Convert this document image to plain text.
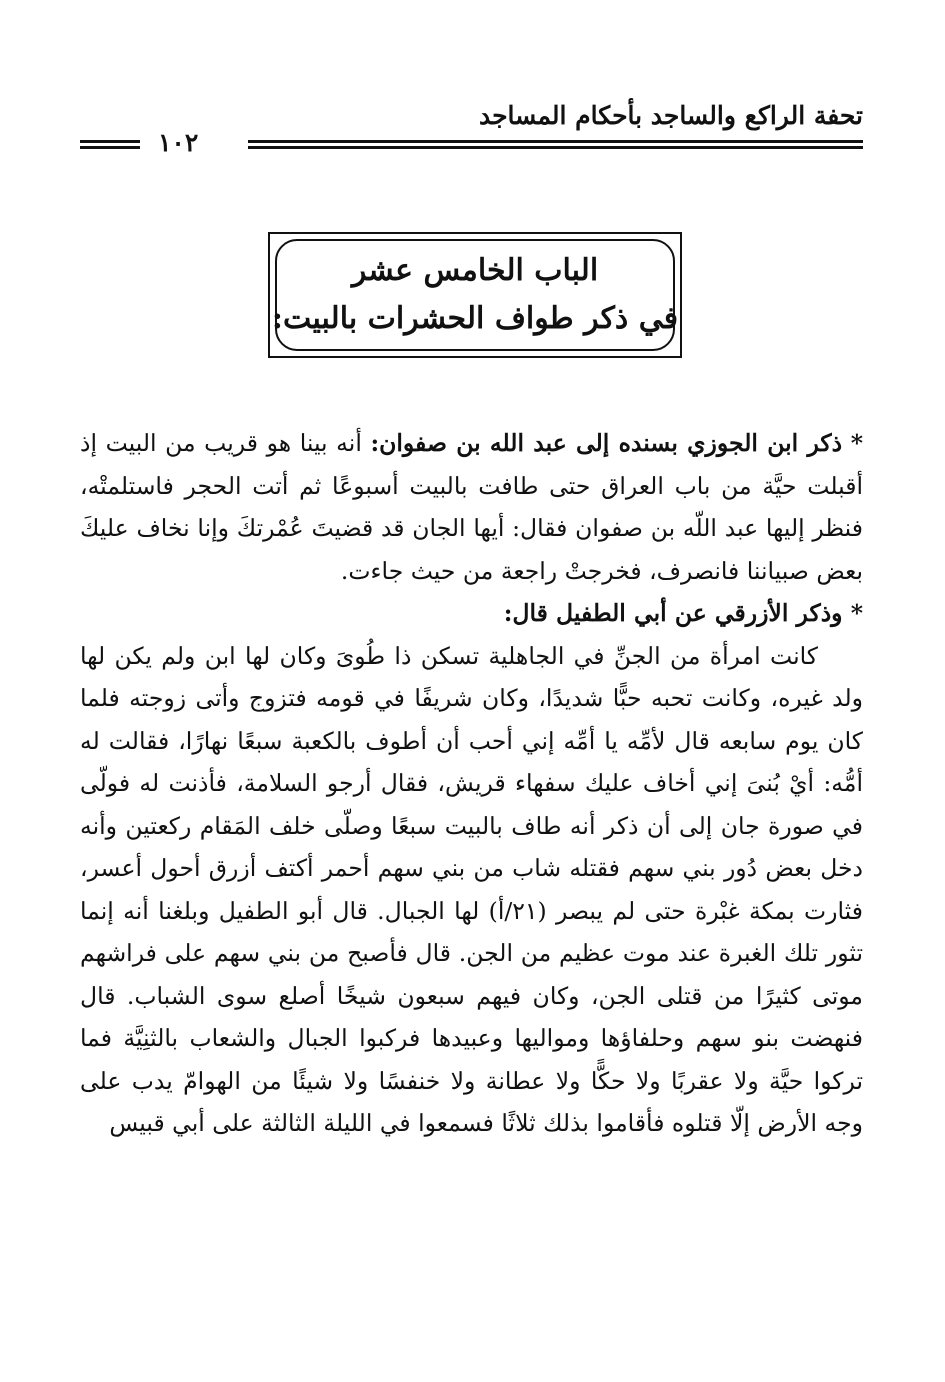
تحفة الراكع والساجد بأحكام المساجد
١٠٢
الباب الخامس عشر
في ذكر طواف الحشرات بالبيت:

* ذكر ابن الجوزي بسنده إلى عبد الله بن صفوان: أنه بينا هو قريب من البيت إذ أقبلت حيَّة من باب العراق حتى طافت بالبيت أسبوعًا ثم أتت الحجر فاستلمتْه، فنظر إليها عبد اللّه بن صفوان فقال: أيها الجان قد قضيتَ عُمْرتكَ وإنا نخاف عليكَ بعض صبياننا فانصرف، فخرجتْ راجعة من حيث جاءت.

* وذكر الأزرقي عن أبي الطفيل قال:

كانت امرأة من الجنِّ في الجاهلية تسكن ذا طُوىَ وكان لها ابن ولم يكن لها ولد غيره، وكانت تحبه حبًّا شديدًا، وكان شريفًا في قومه فتزوج وأتى زوجته فلما كان يوم سابعه قال لأمِّه يا أمِّه إني أحب أن أطوف بالكعبة سبعًا نهارًا، فقالت له أمُّه: أيْ بُنىَ إني أخاف عليك سفهاء قريش، فقال أرجو السلامة، فأذنت له فولّى في صورة جان إلى أن ذكر أنه طاف بالبيت سبعًا وصلّى خلف المَقام ركعتين وأنه دخل بعض دُور بني سهم فقتله شاب من بني سهم أحمر أكتف أزرق أحول أعسر، فثارت بمكة غبْرة حتى لم يبصر (٢١/أ) لها الجبال. قال أبو الطفيل وبلغنا أنه إنما تثور تلك الغبرة عند موت عظيم من الجن. قال فأصبح من بني سهم على فراشهم موتى كثيرًا من قتلى الجن، وكان فيهم سبعون شيخًا أصلع سوى الشباب. قال فنهضت بنو سهم وحلفاؤها ومواليها وعبيدها فركبوا الجبال والشعاب بالثنِيَّة فما تركوا حيَّة ولا عقربًا ولا حكًّا ولا عطانة ولا خنفسًا ولا شيئًا من الهوامّ يدب على وجه الأرض إلّا قتلوه فأقاموا بذلك ثلاثًا فسمعوا في الليلة الثالثة على أبي قبيس
